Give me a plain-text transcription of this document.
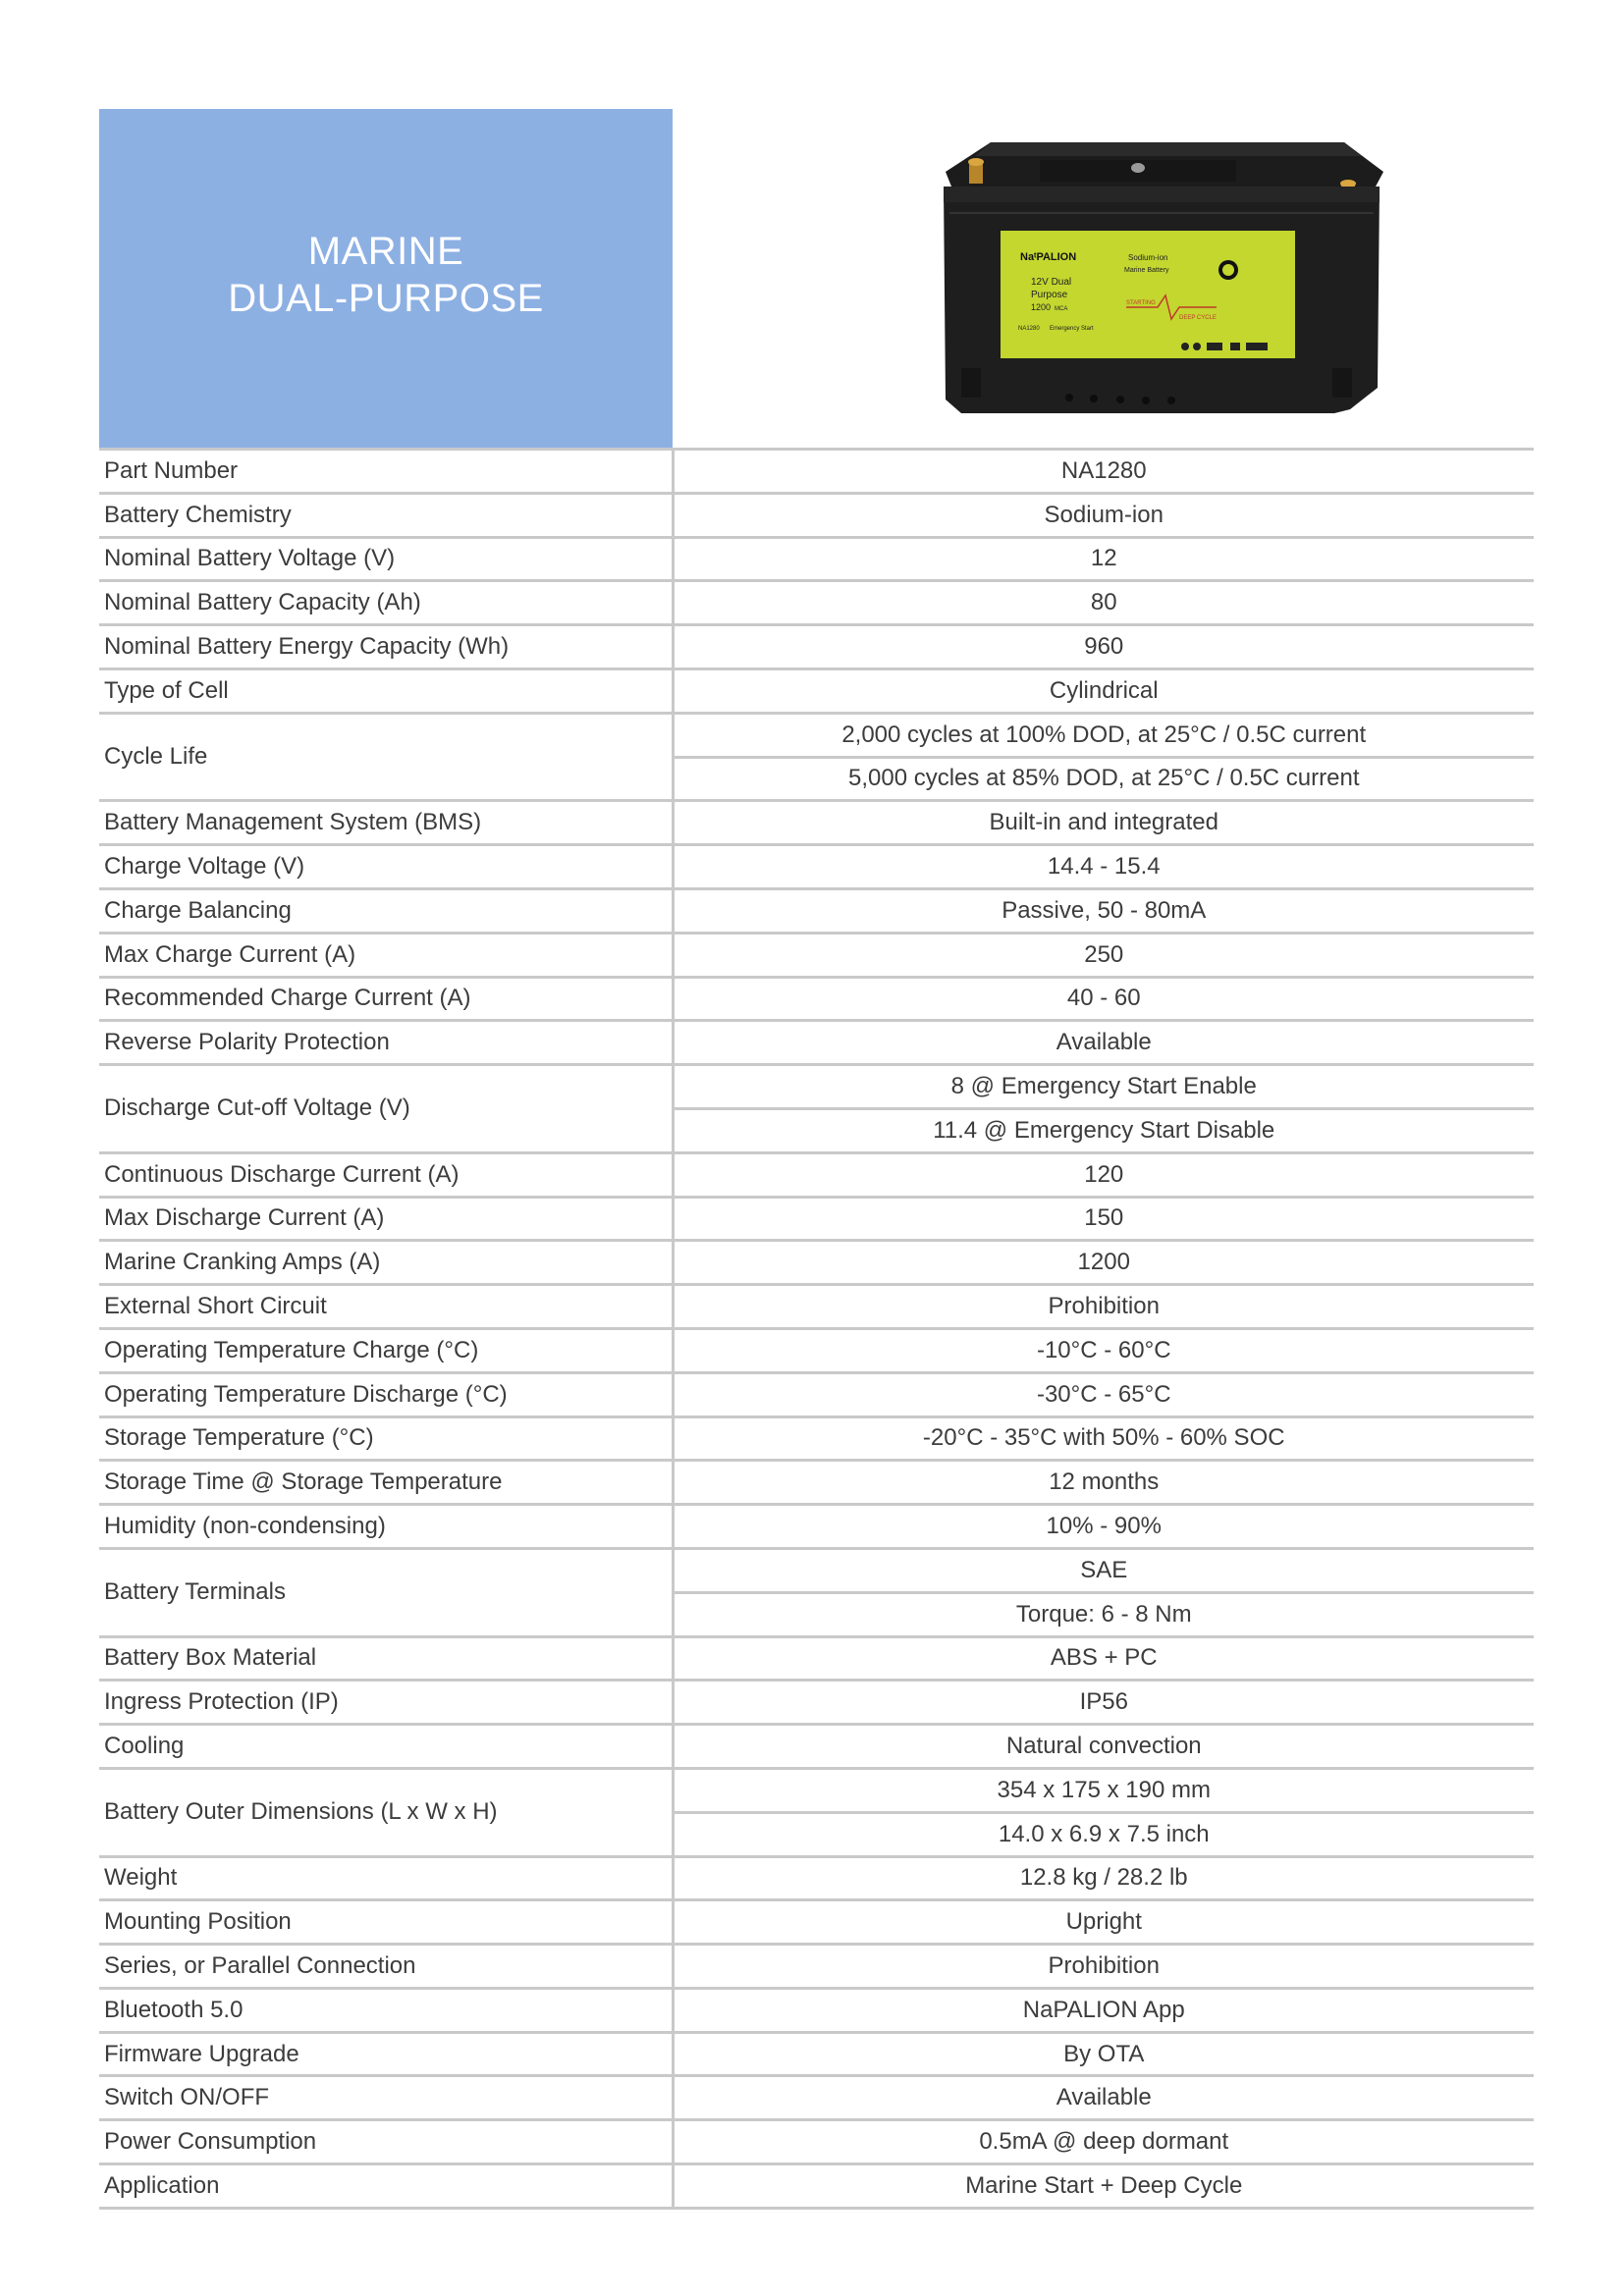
MARINE
DUAL-PURPOSE
NaᵗPALION
12V Dual
Purpose
1200 MCA
NA1280 Emergency Start
Sodium-ion
Marine Battery
STARTING
DEEP CYCLE
Part Number	NA1280
Battery Chemistry	Sodium-ion
Nominal Battery Voltage (V)	12
Nominal Battery Capacity (Ah)	80
Nominal Battery Energy Capacity (Wh)	960
Type of Cell	Cylindrical
Cycle Life	2,000 cycles at 100% DOD, at 25°C / 0.5C current
	5,000 cycles at 85% DOD, at 25°C / 0.5C current
Battery Management System (BMS)	Built-in and integrated
Charge Voltage (V)	14.4 - 15.4
Charge Balancing	Passive, 50 - 80mA
Max Charge Current (A)	250
Recommended Charge Current (A)	40 - 60
Reverse Polarity Protection	Available
Discharge Cut-off Voltage (V)	8 @ Emergency Start Enable
	11.4 @ Emergency Start Disable
Continuous Discharge Current (A)	120
Max Discharge Current (A)	150
Marine Cranking Amps (A)	1200
External Short Circuit	Prohibition
Operating Temperature Charge (°C)	-10°C - 60°C
Operating Temperature Discharge (°C)	-30°C - 65°C
Storage Temperature (°C)	-20°C - 35°C with 50% - 60% SOC
Storage Time @ Storage Temperature	12 months
Humidity (non-condensing)	10% - 90%
Battery Terminals	SAE
	Torque: 6 - 8 Nm
Battery Box Material	ABS + PC
Ingress Protection (IP)	IP56
Cooling	Natural convection
Battery Outer Dimensions (L x W x H)	354 x 175 x 190 mm
	14.0 x 6.9 x 7.5 inch
Weight	12.8 kg / 28.2 lb
Mounting Position	Upright
Series, or Parallel Connection	Prohibition
Bluetooth 5.0	NaPALION App
Firmware Upgrade	By OTA
Switch ON/OFF	Available
Power Consumption	0.5mA @ deep dormant
Application	Marine Start + Deep Cycle
